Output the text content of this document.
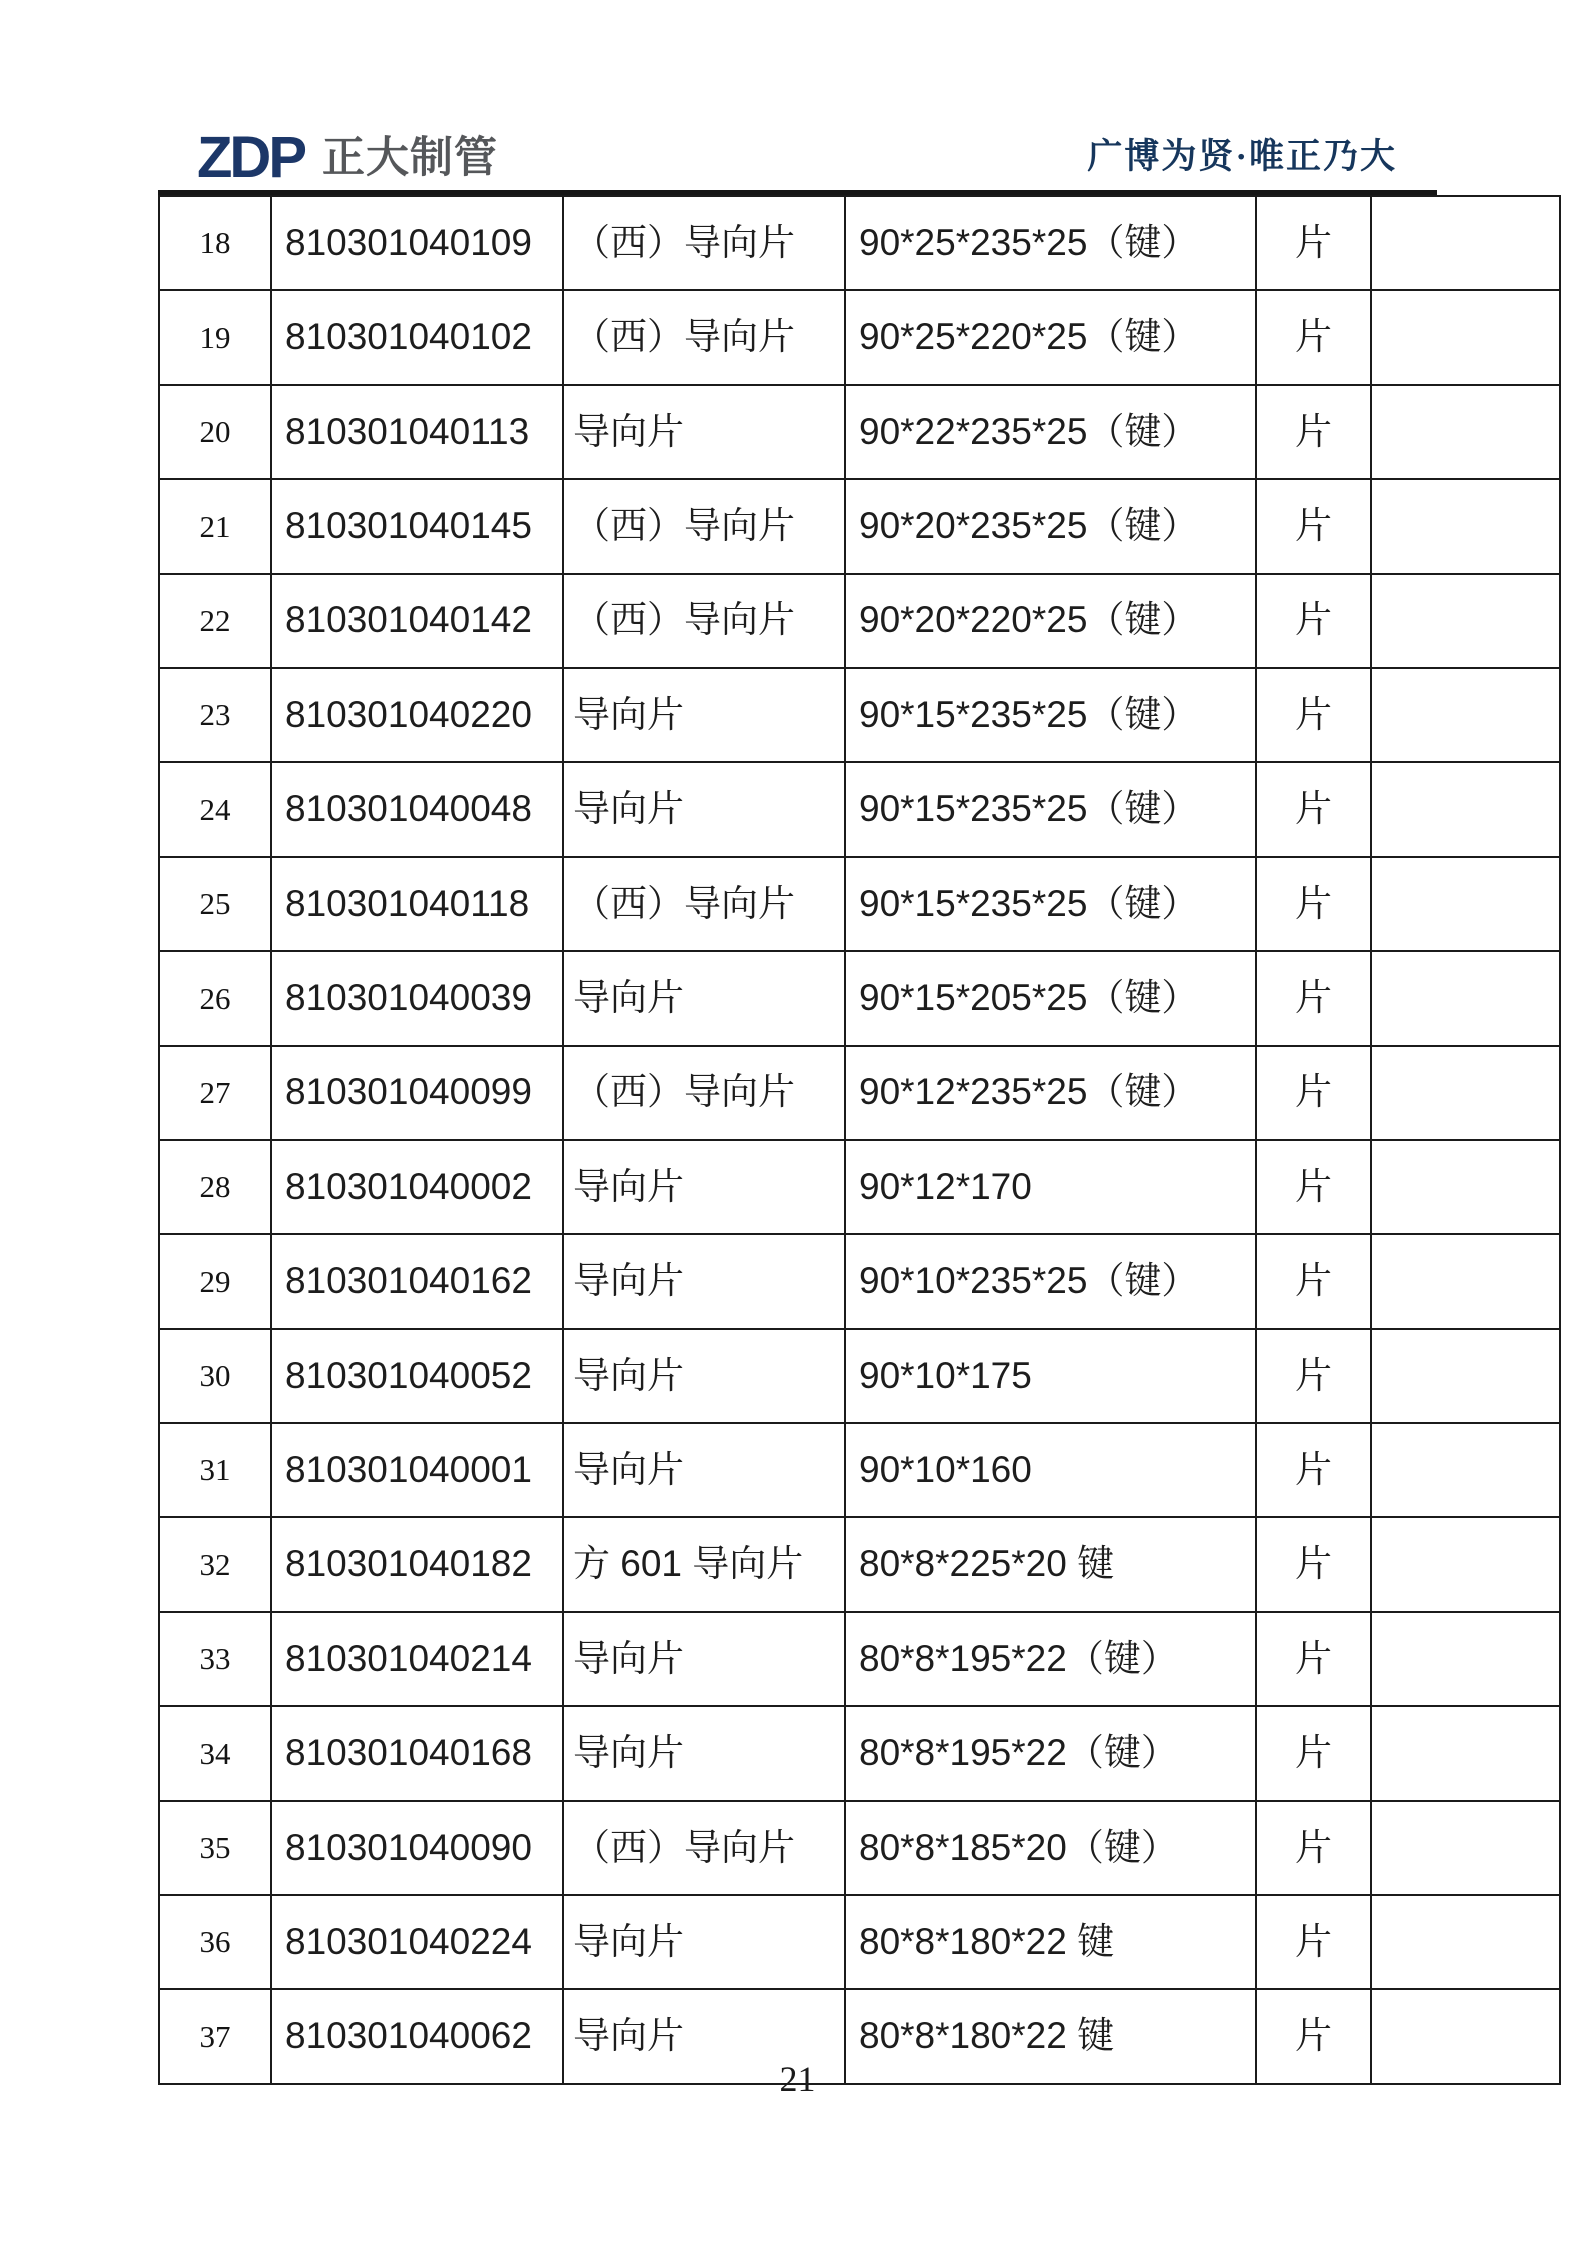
ZDP 正大制管	广博为贤·唯正乃大
18	810301040109	（西）导向片	90*25*235*25（键）	片	
19	810301040102	（西）导向片	90*25*220*25（键）	片	
20	810301040113	导向片	90*22*235*25（键）	片	
21	810301040145	（西）导向片	90*20*235*25（键）	片	
22	810301040142	（西）导向片	90*20*220*25（键）	片	
23	810301040220	导向片	90*15*235*25（键）	片	
24	810301040048	导向片	90*15*235*25（键）	片	
25	810301040118	（西）导向片	90*15*235*25（键）	片	
26	810301040039	导向片	90*15*205*25（键）	片	
27	810301040099	（西）导向片	90*12*235*25（键）	片	
28	810301040002	导向片	90*12*170	片	
29	810301040162	导向片	90*10*235*25（键）	片	
30	810301040052	导向片	90*10*175	片	
31	810301040001	导向片	90*10*160	片	
32	810301040182	方 601 导向片	80*8*225*20 键	片	
33	810301040214	导向片	80*8*195*22（键）	片	
34	810301040168	导向片	80*8*195*22（键）	片	
35	810301040090	（西）导向片	80*8*185*20（键）	片	
36	810301040224	导向片	80*8*180*22 键	片	
37	810301040062	导向片	80*8*180*22 键	片	
21
